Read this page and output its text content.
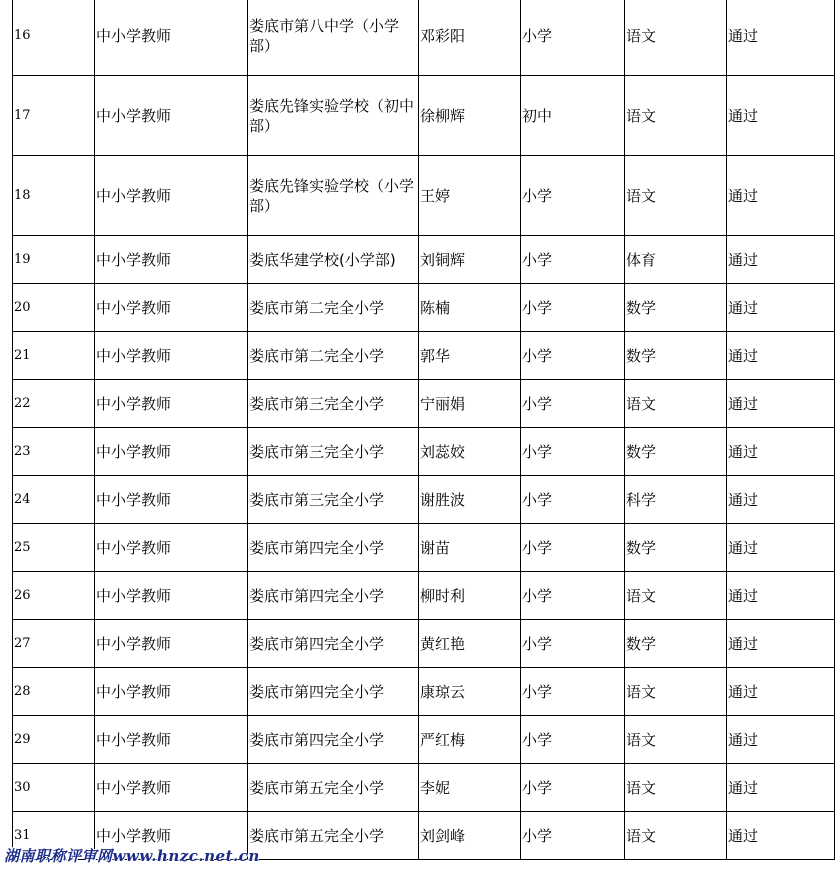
16	中小学教师	娄底市第八中学（小学部）	邓彩阳	小学	语文	通过
17	中小学教师	娄底先锋实验学校（初中部）	徐柳辉	初中	语文	通过
18	中小学教师	娄底先锋实验学校（小学部）	王婷	小学	语文	通过
19	中小学教师	娄底华建学校(小学部)	刘铜辉	小学	体育	通过
20	中小学教师	娄底市第二完全小学	陈楠	小学	数学	通过
21	中小学教师	娄底市第二完全小学	郭华	小学	数学	通过
22	中小学教师	娄底市第三完全小学	宁丽娟	小学	语文	通过
23	中小学教师	娄底市第三完全小学	刘蕊姣	小学	数学	通过
24	中小学教师	娄底市第三完全小学	谢胜波	小学	科学	通过
25	中小学教师	娄底市第四完全小学	谢苗	小学	数学	通过
26	中小学教师	娄底市第四完全小学	柳时利	小学	语文	通过
27	中小学教师	娄底市第四完全小学	黄红艳	小学	数学	通过
28	中小学教师	娄底市第四完全小学	康琼云	小学	语文	通过
29	中小学教师	娄底市第四完全小学	严红梅	小学	语文	通过
30	中小学教师	娄底市第五完全小学	李妮	小学	语文	通过
31	中小学教师	娄底市第五完全小学	刘剑峰	小学	语文	通过
湖南职称评审网www.hnzc.net.cn
